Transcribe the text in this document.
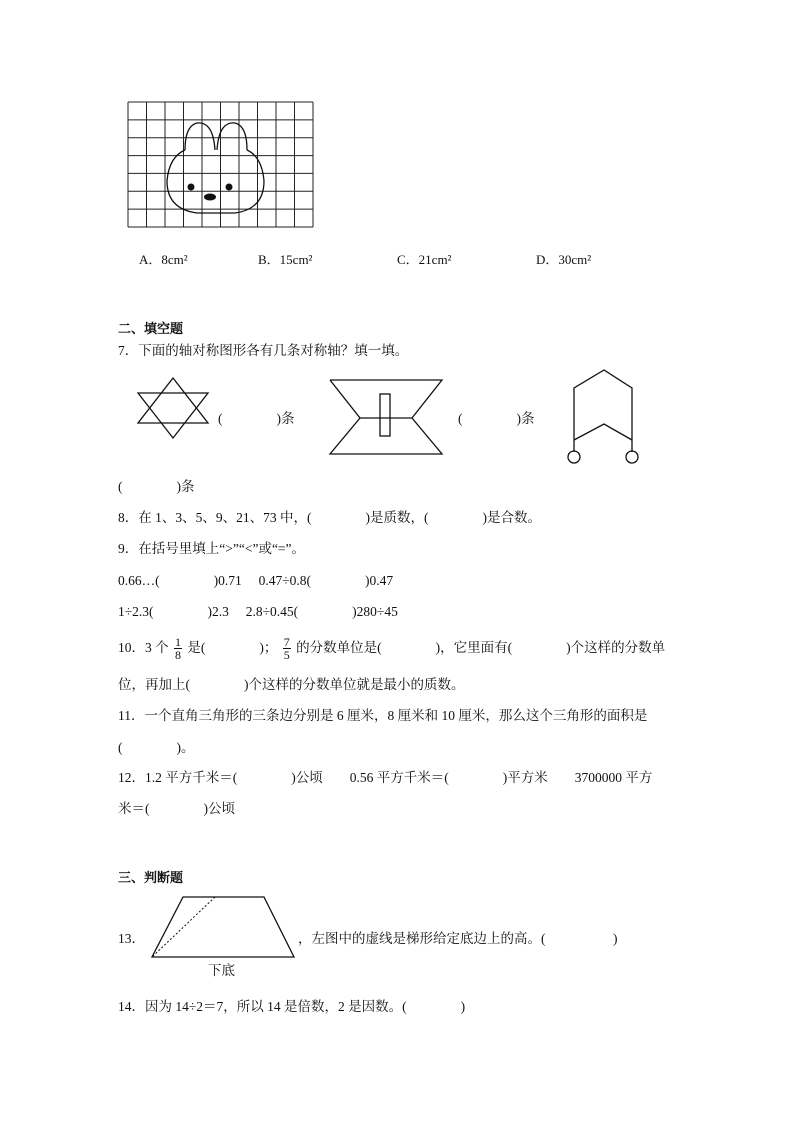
A．8cm²	B．15cm²	C．21cm²	D．30cm²
二、填空题
7．下面的轴对称图形各有几条对称轴？填一填。
(　　　　)条	(　　　　)条
(　　　　)条
8．在 1、3、5、9、21、73 中，(　　　　)是质数，(　　　　)是合数。
9．在括号里填上“>”“<”或“=”。
0.66…(　　　　)0.71　 0.47÷0.8(　　　　)0.47
1÷2.3(　　　　)2.3　 2.8÷0.45(　　　　)280÷45
10．3 个 $\frac{1}{8}$ 是(　　　　)； $\frac{7}{5}$ 的分数单位是(　　　　)，它里面有(　　　　)个这样的分数单
位，再加上(　　　　)个这样的分数单位就是最小的质数。
11．一个直角三角形的三条边分别是 6 厘米，8 厘米和 10 厘米，那么这个三角形的面积是
(　　　　)。
12．1.2 平方千米＝(　　　　)公顷　　0.56 平方千米＝(　　　　)平方米　　3700000 平方
米＝(　　　　)公顷
三、判断题
13．
下底
，左图中的虚线是梯形给定底边上的高。(　　　　　)
14．因为 14÷2＝7，所以 14 是倍数，2 是因数。(　　　　)
